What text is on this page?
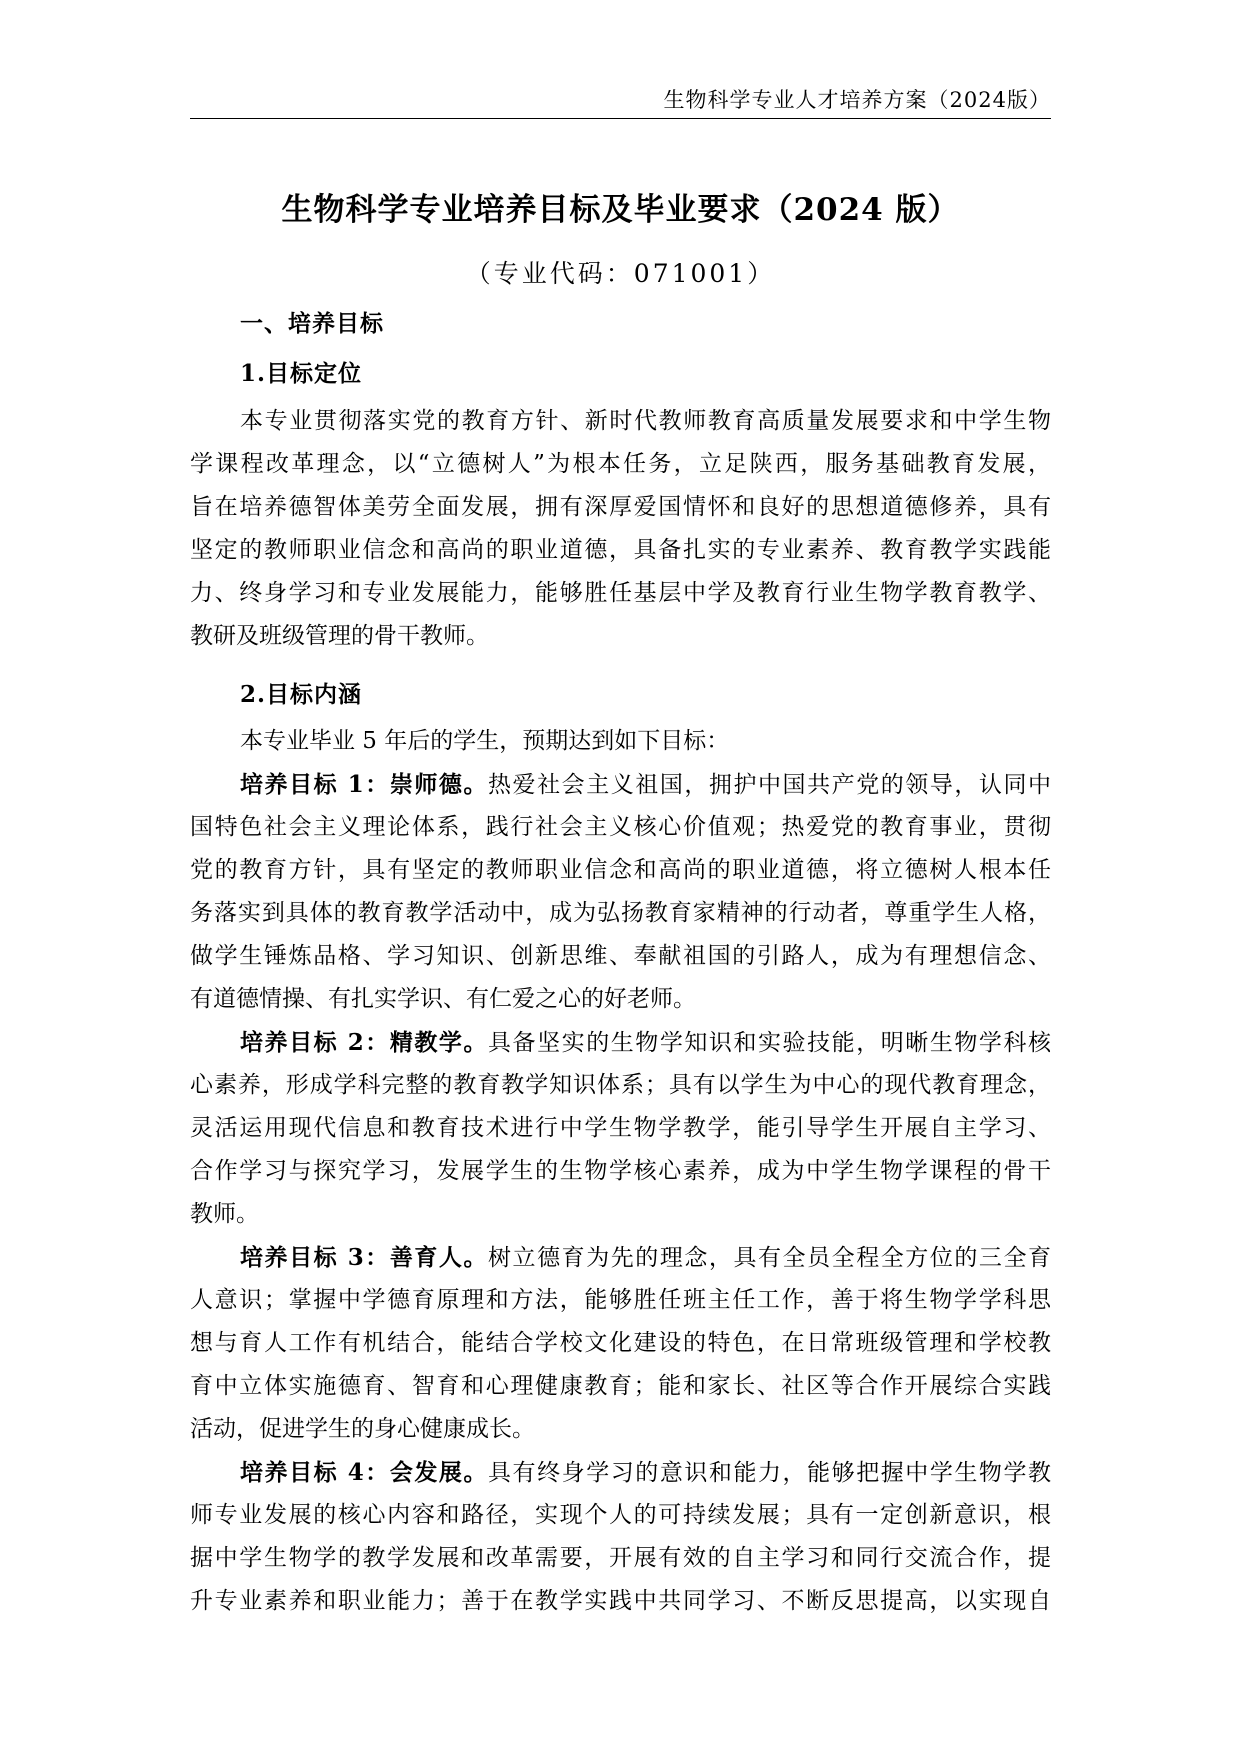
生物科学专业人才培养方案（2024版）
生物科学专业培养目标及毕业要求（2024 版）
（专业代码：071001）
一、培养目标
1.目标定位
本专业贯彻落实党的教育方针、新时代教师教育高质量发展要求和中学生物
学课程改革理念，以“立德树人”为根本任务，立足陕西，服务基础教育发展，
旨在培养德智体美劳全面发展，拥有深厚爱国情怀和良好的思想道德修养，具有
坚定的教师职业信念和高尚的职业道德，具备扎实的专业素养、教育教学实践能
力、终身学习和专业发展能力，能够胜任基层中学及教育行业生物学教育教学、
教研及班级管理的骨干教师。
2.目标内涵
本专业毕业 5 年后的学生，预期达到如下目标：
培养目标 1：崇师德。热爱社会主义祖国，拥护中国共产党的领导，认同中
国特色社会主义理论体系，践行社会主义核心价值观；热爱党的教育事业，贯彻
党的教育方针，具有坚定的教师职业信念和高尚的职业道德，将立德树人根本任
务落实到具体的教育教学活动中，成为弘扬教育家精神的行动者，尊重学生人格，
做学生锤炼品格、学习知识、创新思维、奉献祖国的引路人，成为有理想信念、
有道德情操、有扎实学识、有仁爱之心的好老师。
培养目标 2：精教学。具备坚实的生物学知识和实验技能，明晰生物学科核
心素养，形成学科完整的教育教学知识体系；具有以学生为中心的现代教育理念，
灵活运用现代信息和教育技术进行中学生物学教学，能引导学生开展自主学习、
合作学习与探究学习，发展学生的生物学核心素养，成为中学生物学课程的骨干
教师。
培养目标 3：善育人。树立德育为先的理念，具有全员全程全方位的三全育
人意识；掌握中学德育原理和方法，能够胜任班主任工作，善于将生物学学科思
想与育人工作有机结合，能结合学校文化建设的特色，在日常班级管理和学校教
育中立体实施德育、智育和心理健康教育；能和家长、社区等合作开展综合实践
活动，促进学生的身心健康成长。
培养目标 4：会发展。具有终身学习的意识和能力，能够把握中学生物学教
师专业发展的核心内容和路径，实现个人的可持续发展；具有一定创新意识，根
据中学生物学的教学发展和改革需要，开展有效的自主学习和同行交流合作，提
升专业素养和职业能力；善于在教学实践中共同学习、不断反思提高，以实现自
